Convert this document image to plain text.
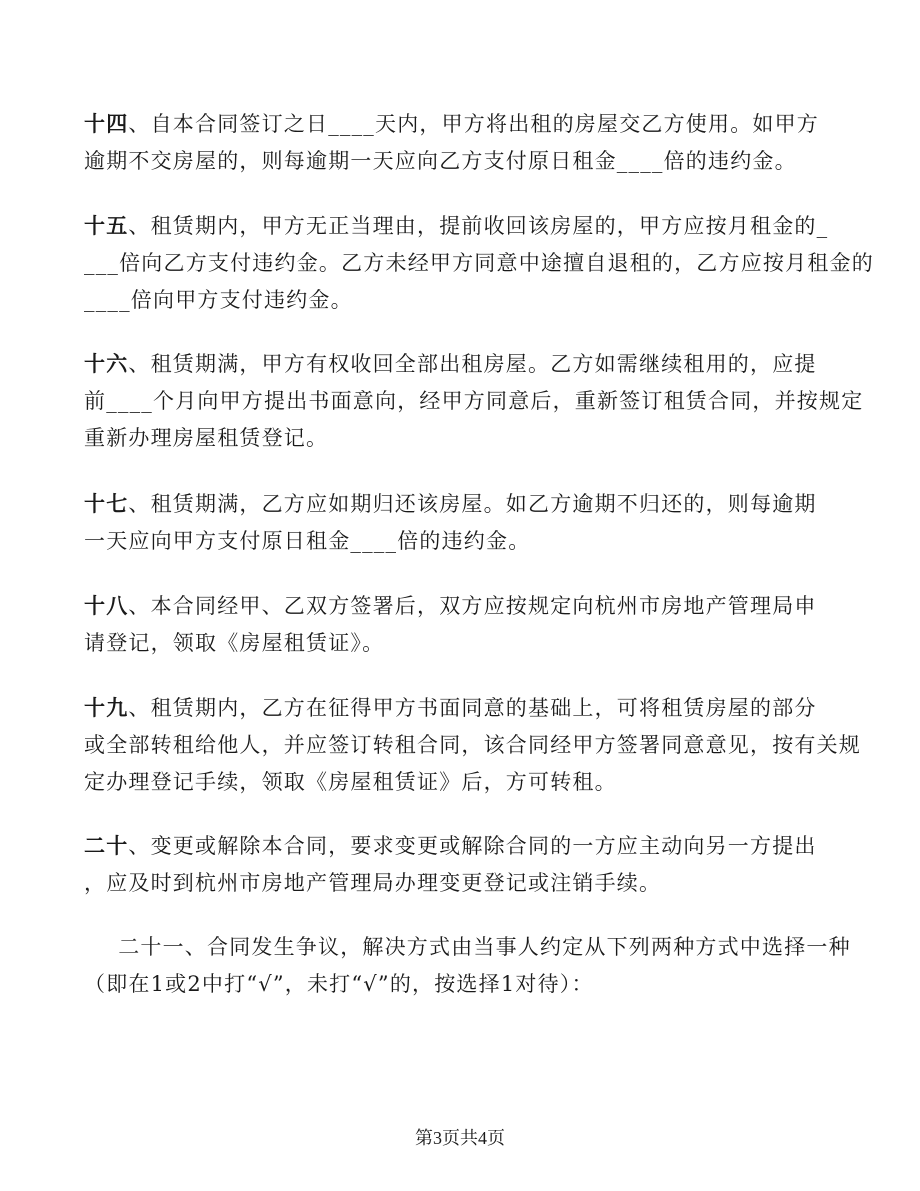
十四、自本合同签订之日____天内，甲方将出租的房屋交乙方使用。如甲方
逾期不交房屋的，则每逾期一天应向乙方支付原日租金____倍的违约金。
十五、租赁期内，甲方无正当理由，提前收回该房屋的，甲方应按月租金的_
___倍向乙方支付违约金。乙方未经甲方同意中途擅自退租的，乙方应按月租金的
____倍向甲方支付违约金。
十六、租赁期满，甲方有权收回全部出租房屋。乙方如需继续租用的，应提
前____个月向甲方提出书面意向，经甲方同意后，重新签订租赁合同，并按规定
重新办理房屋租赁登记。
十七、租赁期满，乙方应如期归还该房屋。如乙方逾期不归还的，则每逾期
一天应向甲方支付原日租金____倍的违约金。
十八、本合同经甲、乙双方签署后，双方应按规定向杭州市房地产管理局申
请登记，领取《房屋租赁证》。
十九、租赁期内，乙方在征得甲方书面同意的基础上，可将租赁房屋的部分
或全部转租给他人，并应签订转租合同，该合同经甲方签署同意意见，按有关规
定办理登记手续，领取《房屋租赁证》后，方可转租。
二十、变更或解除本合同，要求变更或解除合同的一方应主动向另一方提出
，应及时到杭州市房地产管理局办理变更登记或注销手续。
　二十一、合同发生争议，解决方式由当事人约定从下列两种方式中选择一种
（即在1或2中打“√”，未打“√”的，按选择1对待）：
第3页共4页
